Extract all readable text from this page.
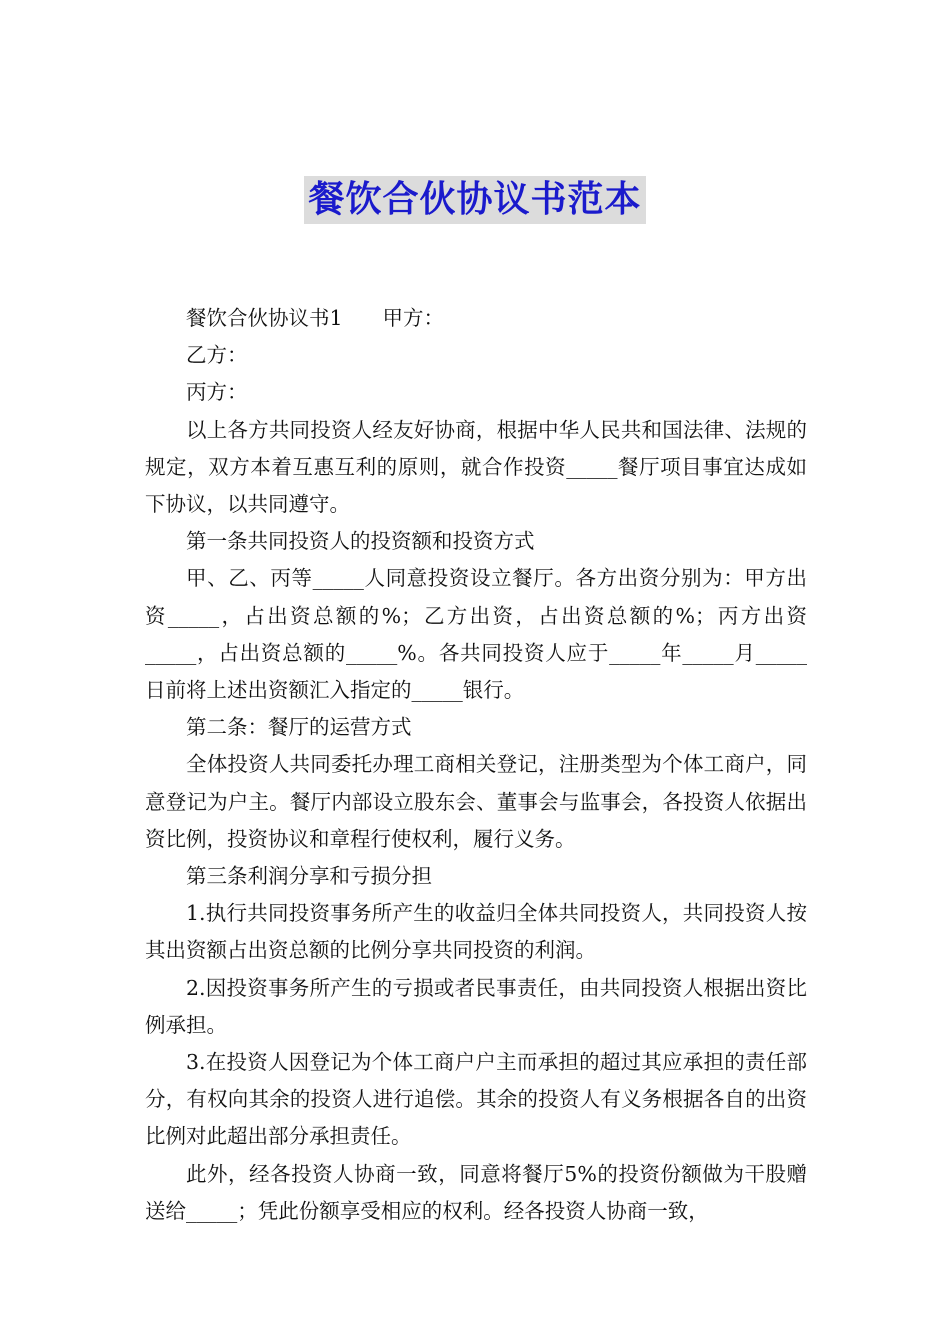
餐饮合伙协议书范本

餐饮合伙协议书1 甲方：

乙方：

丙方：

以上各方共同投资人经友好协商，根据中华人民共和国法律、法规的规定，双方本着互惠互利的原则，就合作投资_____餐厅项目事宜达成如下协议，以共同遵守。

第一条共同投资人的投资额和投资方式

甲、乙、丙等_____人同意投资设立餐厅。各方出资分别为：甲方出资_____，占出资总额的%；乙方出资，占出资总额的%；丙方出资_____，占出资总额的_____%。各共同投资人应于_____年_____月_____日前将上述出资额汇入指定的_____银行。

第二条：餐厅的运营方式

全体投资人共同委托办理工商相关登记，注册类型为个体工商户，同意登记为户主。餐厅内部设立股东会、董事会与监事会，各投资人依据出资比例，投资协议和章程行使权利，履行义务。

第三条利润分享和亏损分担

1.执行共同投资事务所产生的收益归全体共同投资人，共同投资人按其出资额占出资总额的比例分享共同投资的利润。

2.因投资事务所产生的亏损或者民事责任，由共同投资人根据出资比例承担。

3.在投资人因登记为个体工商户户主而承担的超过其应承担的责任部分，有权向其余的投资人进行追偿。其余的投资人有义务根据各自的出资比例对此超出部分承担责任。

此外，经各投资人协商一致，同意将餐厅5%的投资份额做为干股赠送给_____；凭此份额享受相应的权利。经各投资人协商一致，
